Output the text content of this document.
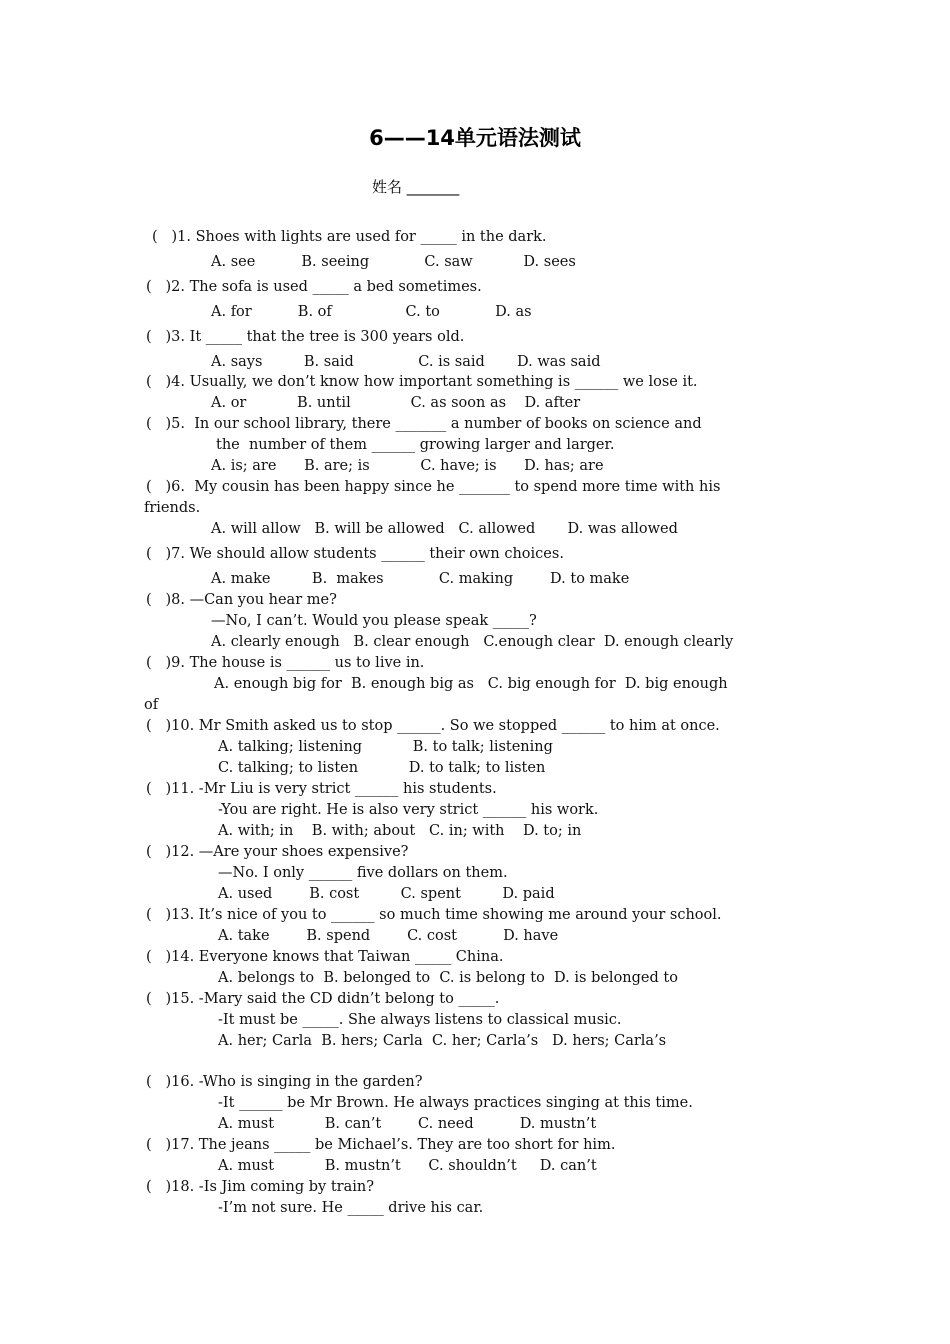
6——14单元语法测试
姓名 _______
(   )1. Shoes with lights are used for _____ in the dark.
A. see          B. seeing            C. saw           D. sees
(   )2. The sofa is used _____ a bed sometimes.
A. for          B. of                C. to            D. as
(   )3. It _____ that the tree is 300 years old.
A. says         B. said              C. is said       D. was said
(   )4. Usually, we don’t know how important something is ______ we lose it.
A. or           B. until             C. as soon as    D. after
(   )5.  In our school library, there _______ a number of books on science and
the  number of them ______ growing larger and larger.
A. is; are      B. are; is           C. have; is      D. has; are
(   )6.  My cousin has been happy since he _______ to spend more time with his
friends.
A. will allow   B. will be allowed   C. allowed       D. was allowed
(   )7. We should allow students ______ their own choices.
A. make         B.  makes            C. making        D. to make
(   )8. —Can you hear me?
—No, I can’t. Would you please speak _____?
A. clearly enough   B. clear enough   C.enough clear  D. enough clearly
(   )9. The house is ______ us to live in.
A. enough big for  B. enough big as   C. big enough for  D. big enough
of
(   )10. Mr Smith asked us to stop ______. So we stopped ______ to him at once.
A. talking; listening           B. to talk; listening
C. talking; to listen           D. to talk; to listen
(   )11. -Mr Liu is very strict ______ his students.
-You are right. He is also very strict ______ his work.
A. with; in    B. with; about   C. in; with    D. to; in
(   )12. —Are your shoes expensive?
—No. I only ______ five dollars on them.
A. used        B. cost         C. spent         D. paid
(   )13. It’s nice of you to ______ so much time showing me around your school.
A. take        B. spend        C. cost          D. have
(   )14. Everyone knows that Taiwan _____ China.
A. belongs to  B. belonged to  C. is belong to  D. is belonged to
(   )15. -Mary said the CD didn’t belong to _____.
-It must be _____. She always listens to classical music.
A. her; Carla  B. hers; Carla  C. her; Carla’s   D. hers; Carla’s
(   )16. -Who is singing in the garden?
-It ______ be Mr Brown. He always practices singing at this time.
A. must           B. can’t        C. need          D. mustn’t
(   )17. The jeans _____ be Michael’s. They are too short for him.
A. must           B. mustn’t      C. shouldn’t     D. can’t
(   )18. -Is Jim coming by train?
-I’m not sure. He _____ drive his car.
